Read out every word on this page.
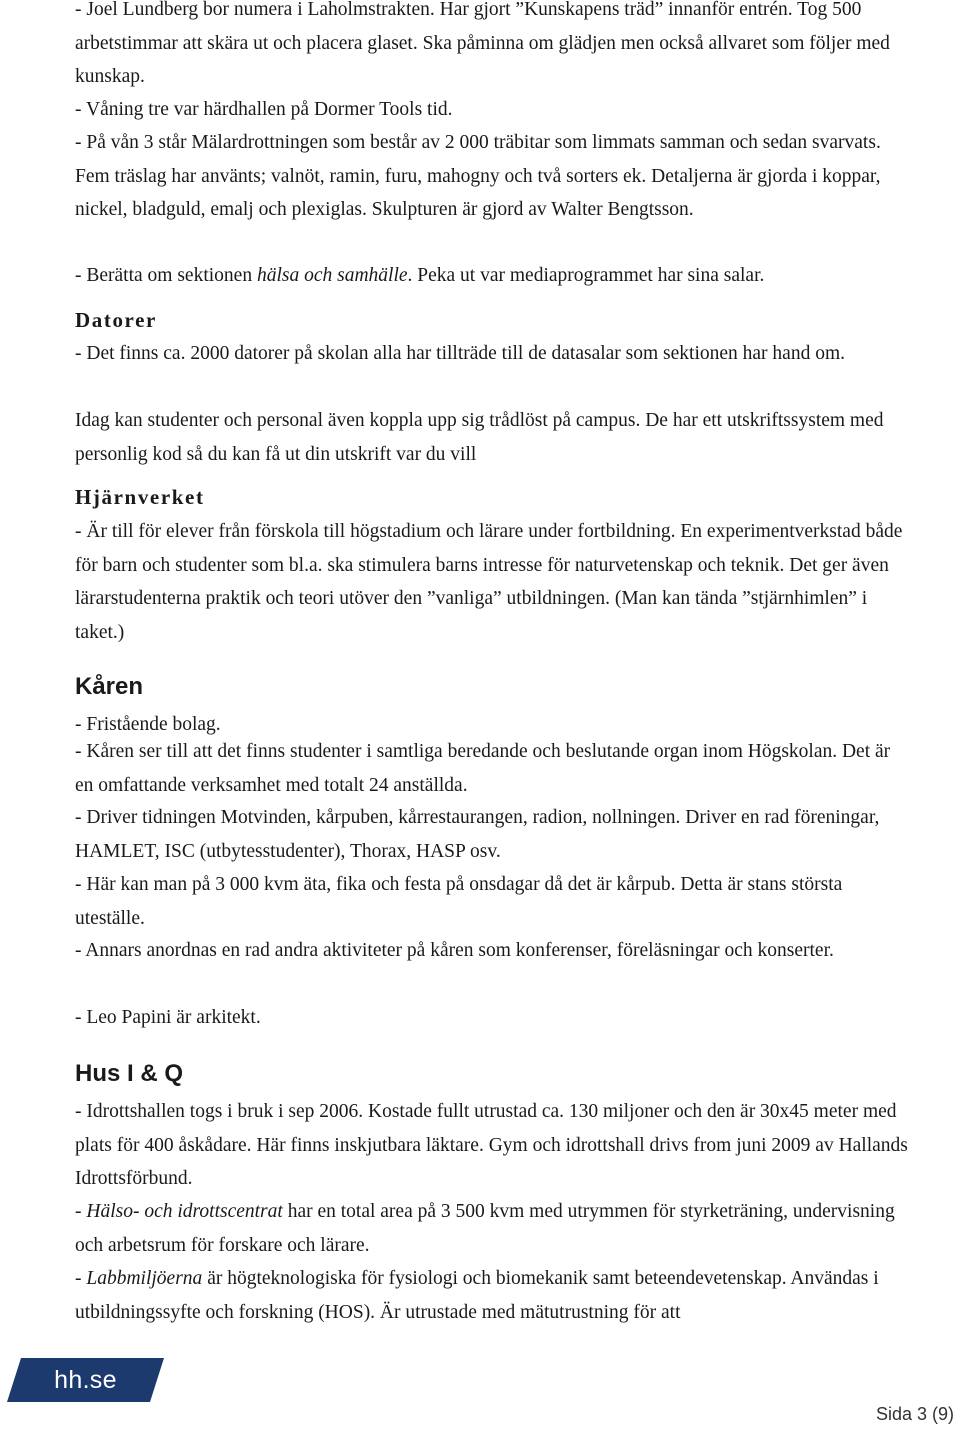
- Joel Lundberg bor numera i Laholmstrakten. Har gjort ”Kunskapens träd” innanför entrén. Tog 500 arbetstimmar att skära ut och placera glaset. Ska påminna om glädjen men också allvaret som följer med kunskap.

- Våning tre var härdhallen på Dormer Tools tid.

- På vån 3 står Mälardrottningen som består av 2 000 träbitar som limmats samman och sedan svarvats. Fem träslag har använts; valnöt, ramin, furu, mahogny och två sorters ek. Detaljerna är gjorda i koppar, nickel, bladguld, emalj och plexiglas. Skulpturen är gjord av Walter Bengtsson.

- Berätta om sektionen hälsa och samhälle. Peka ut var mediaprogrammet har sina salar.

Datorer

- Det finns ca. 2000 datorer på skolan alla har tillträde till de datasalar som sektionen har hand om.

Idag kan studenter och personal även koppla upp sig trådlöst på campus. De har ett utskriftssystem med personlig kod så du kan få ut din utskrift var du vill

Hjärnverket

- Är till för elever från förskola till högstadium och lärare under fortbildning. En experimentverkstad både för barn och studenter som bl.a. ska stimulera barns intresse för naturvetenskap och teknik. Det ger även lärarstudenterna praktik och teori utöver den ”vanliga” utbildningen. (Man kan tända ”stjärnhimlen” i taket.)

Kåren

- Fristående bolag.

- Kåren ser till att det finns studenter i samtliga beredande och beslutande organ inom Högskolan. Det är en omfattande verksamhet med totalt 24 anställda.

- Driver tidningen Motvinden, kårpuben, kårrestaurangen, radion, nollningen. Driver en rad föreningar, HAMLET, ISC (utbytesstudenter), Thorax, HASP osv.

- Här kan man på 3 000 kvm äta, fika och festa på onsdagar då det är kårpub. Detta är stans största uteställe.

- Annars anordnas en rad andra aktiviteter på kåren som konferenser, föreläsningar och konserter.

- Leo Papini är arkitekt.

Hus I & Q

- Idrottshallen togs i bruk i sep 2006. Kostade fullt utrustad ca. 130 miljoner och den är 30x45 meter med plats för 400 åskådare. Här finns inskjutbara läktare. Gym och idrottshall drivs from juni 2009 av Hallands Idrottsförbund.

- Hälso- och idrottscentrat har en total area på 3 500 kvm med utrymmen för styrketräning, undervisning och arbetsrum för forskare och lärare.

- Labbmiljöerna är högteknologiska för fysiologi och biomekanik samt beteendevetenskap. Användas i utbildningssyfte och forskning (HOS). Är utrustade med mätutrustning för att

hh.se

Sida 3 (9)
